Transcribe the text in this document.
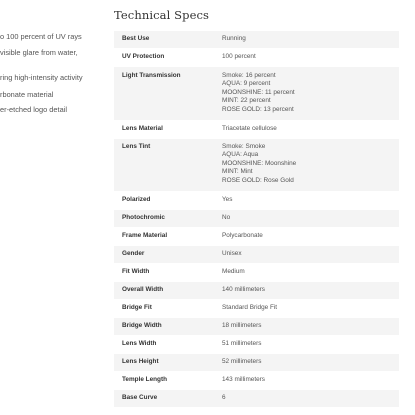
o 100 percent of UV rays
visible glare from water,
ring high-intensity activity
rbonate material
er-etched logo detail
Technical Specs
Best Use	Running
UV Protection	100 percent
Light Transmission	Smoke: 16 percent
AQUA: 9 percent
MOONSHINE: 11 percent
MINT: 22 percent
ROSE GOLD: 13 percent
Lens Material	Triacetate cellulose
Lens Tint	Smoke: Smoke
AQUA: Aqua
MOONSHINE: Moonshine
MINT: Mint
ROSE GOLD: Rose Gold
Polarized	Yes
Photochromic	No
Frame Material	Polycarbonate
Gender	Unisex
Fit Width	Medium
Overall Width	140 millimeters
Bridge Fit	Standard Bridge Fit
Bridge Width	18 millimeters
Lens Width	51 millimeters
Lens Height	52 millimeters
Temple Length	143 millimeters
Base Curve	6
